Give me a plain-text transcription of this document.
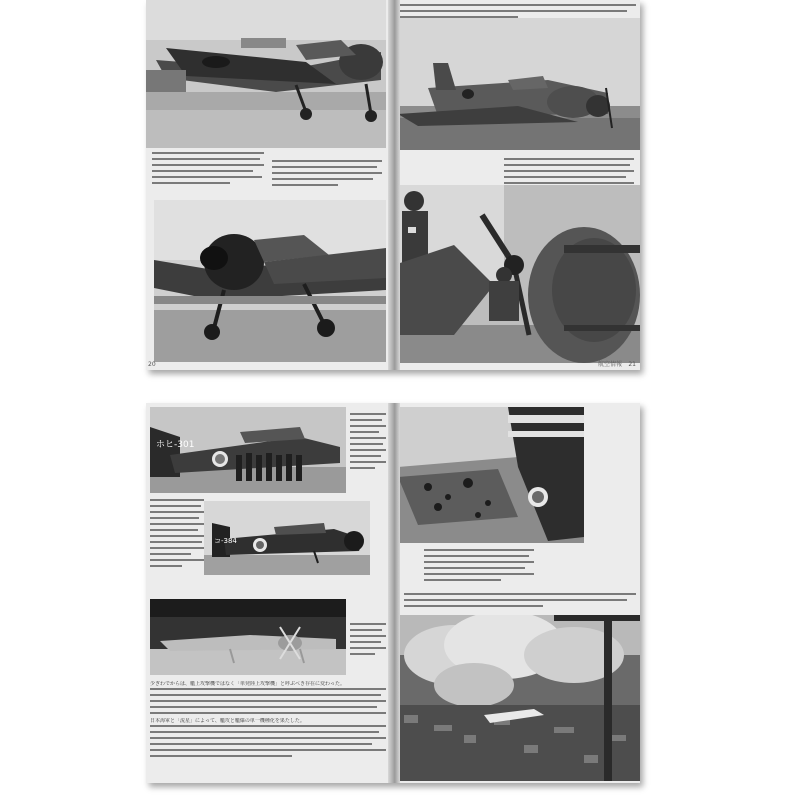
20	航空情報 21
ホヒ-301
コ-384
少ぎわでからは、艦上攻撃機ではなく「単発陸上攻撃機」と呼ぶべき存在に変わった。
日本海軍と「流星」によって、艦攻と艦爆の単一機種化を果たした。
